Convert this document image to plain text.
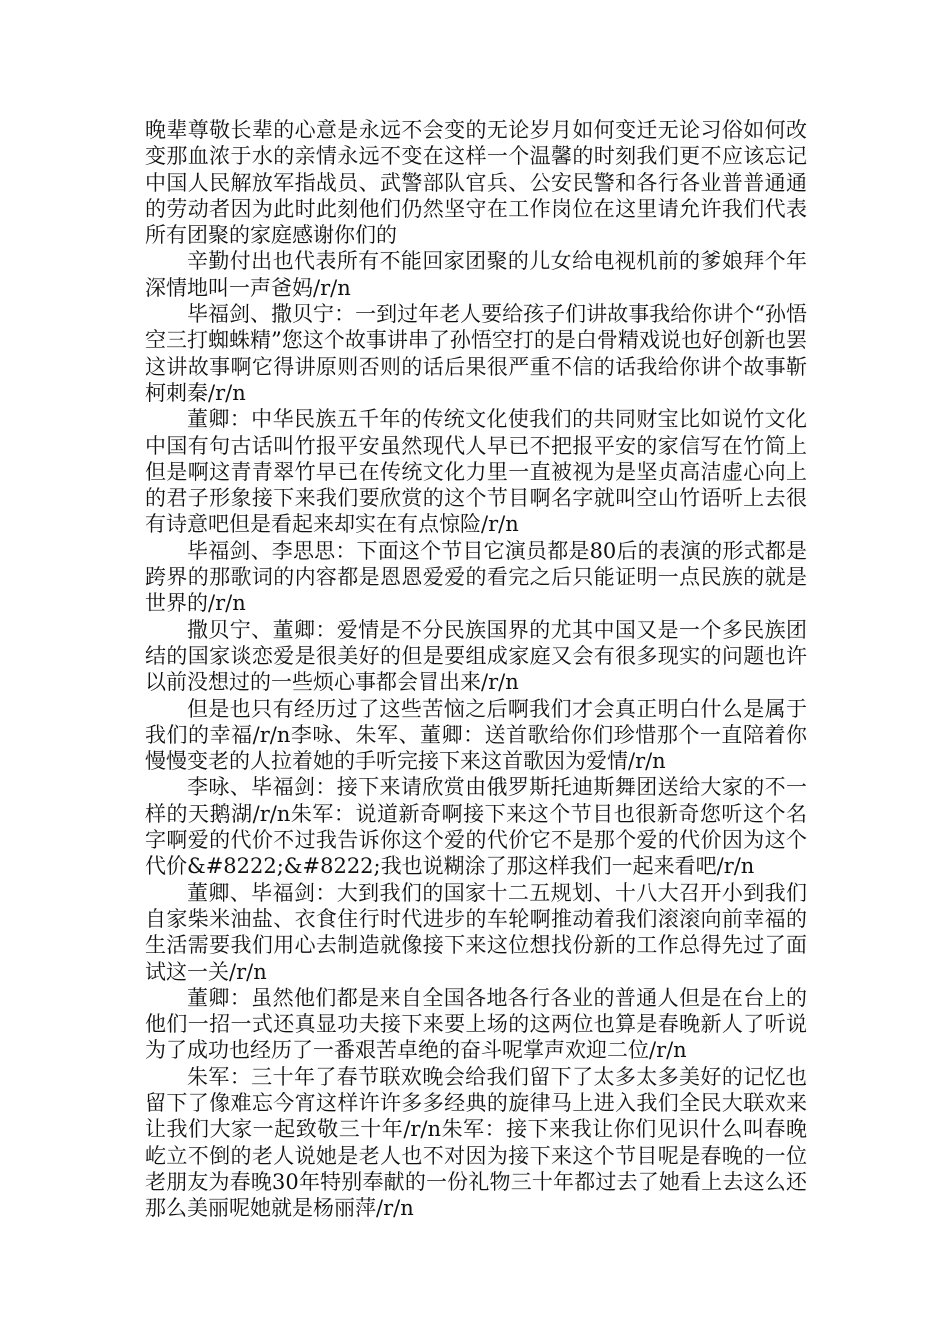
晚辈尊敬长辈的心意是永远不会变的无论岁月如何变迁无论习俗如何改变那血浓于水的亲情永远不变在这样一个温馨的时刻我们更不应该忘记中国人民解放军指战员、武警部队官兵、公安民警和各行各业普普通通的劳动者因为此时此刻他们仍然坚守在工作岗位在这里请允许我们代表所有团聚的家庭感谢你们的

辛勤付出也代表所有不能回家团聚的儿女给电视机前的爹娘拜个年深情地叫一声爸妈/r/n

毕福剑、撒贝宁：一到过年老人要给孩子们讲故事我给你讲个“孙悟空三打蜘蛛精”您这个故事讲串了孙悟空打的是白骨精戏说也好创新也罢这讲故事啊它得讲原则否则的话后果很严重不信的话我给你讲个故事靳柯刺秦/r/n

董卿：中华民族五千年的传统文化使我们的共同财宝比如说竹文化中国有句古话叫竹报平安虽然现代人早已不把报平安的家信写在竹简上但是啊这青青翠竹早已在传统文化力里一直被视为是坚贞高洁虚心向上的君子形象接下来我们要欣赏的这个节目啊名字就叫空山竹语听上去很有诗意吧但是看起来却实在有点惊险/r/n

毕福剑、李思思：下面这个节目它演员都是80后的表演的形式都是跨界的那歌词的内容都是恩恩爱爱的看完之后只能证明一点民族的就是世界的/r/n

撒贝宁、董卿：爱情是不分民族国界的尤其中国又是一个多民族团结的国家谈恋爱是很美好的但是要组成家庭又会有很多现实的问题也许以前没想过的一些烦心事都会冒出来/r/n

但是也只有经历过了这些苦恼之后啊我们才会真正明白什么是属于我们的幸福/r/n李咏、朱军、董卿：送首歌给你们珍惜那个一直陪着你慢慢变老的人拉着她的手听完接下来这首歌因为爱情/r/n

李咏、毕福剑：接下来请欣赏由俄罗斯托迪斯舞团送给大家的不一样的天鹅湖/r/n朱军：说道新奇啊接下来这个节目也很新奇您听这个名字啊爱的代价不过我告诉你这个爱的代价它不是那个爱的代价因为这个代价&#8222;&#8222;我也说糊涂了那这样我们一起来看吧/r/n

董卿、毕福剑：大到我们的国家十二五规划、十八大召开小到我们自家柴米油盐、衣食住行时代进步的车轮啊推动着我们滚滚向前幸福的生活需要我们用心去制造就像接下来这位想找份新的工作总得先过了面试这一关/r/n

董卿：虽然他们都是来自全国各地各行各业的普通人但是在台上的他们一招一式还真显功夫接下来要上场的这两位也算是春晚新人了听说为了成功也经历了一番艰苦卓绝的奋斗呢掌声欢迎二位/r/n

朱军：三十年了春节联欢晚会给我们留下了太多太多美好的记忆也留下了像难忘今宵这样许许多多经典的旋律马上进入我们全民大联欢来让我们大家一起致敬三十年/r/n朱军：接下来我让你们见识什么叫春晚屹立不倒的老人说她是老人也不对因为接下来这个节目呢是春晚的一位老朋友为春晚30年特别奉献的一份礼物三十年都过去了她看上去这么还那么美丽呢她就是杨丽萍/r/n
